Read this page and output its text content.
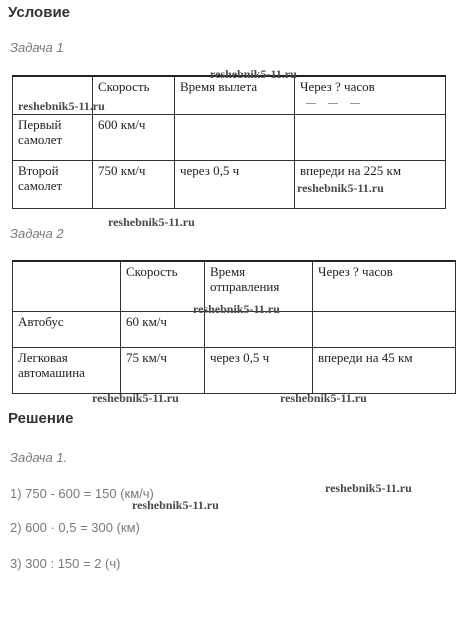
Условие
Задача 1
	Скорость	Время вылета	Через ? часов

Первый самолет	600 км/ч		
Второй самолет	750 км/ч	через 0,5 ч	впереди на 225 км
Задача 2
	Скорость	Время отправления	Через ? часов
Автобус	60 км/ч		
Легковая автомашина	75 км/ч	через 0,5 ч	впереди на 45 км
Решение
Задача 1.
1) 750 - 600 = 150 (км/ч)
2) 600 · 0,5 = 300 (км)
3) 300 : 150 = 2 (ч)
reshebnik5-11.ru
reshebnik5-11.ru
reshebnik5-11.ru
reshebnik5-11.ru
reshebnik5-11.ru
reshebnik5-11.ru	reshebnik5-11.ru
reshebnik5-11.ru
reshebnik5-11.ru
